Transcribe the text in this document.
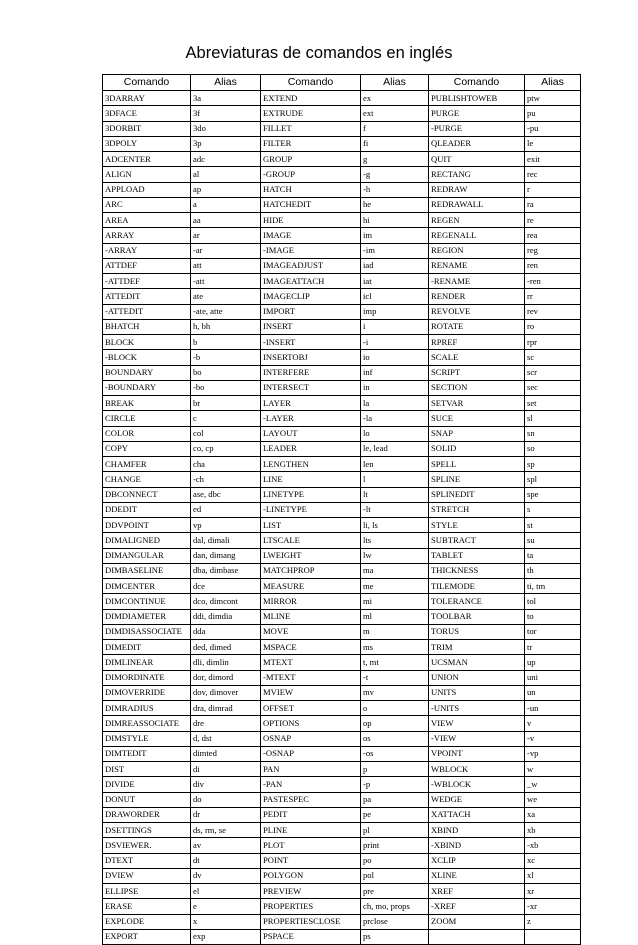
Abreviaturas de comandos en inglés
Comando	Alias	Comando	Alias	Comando	Alias
3DARRAY	3a	EXTEND	ex	PUBLISHTOWEB	ptw
3DFACE	3f	EXTRUDE	ext	PURGE	pu
3DORBIT	3do	FILLET	f	-PURGE	-pu
3DPOLY	3p	FILTER	fi	QLEADER	le
ADCENTER	adc	GROUP	g	QUIT	exit
ALIGN	al	-GROUP	-g	RECTANG	rec
APPLOAD	ap	HATCH	-h	REDRAW	r
ARC	a	HATCHEDIT	he	REDRAWALL	ra
AREA	aa	HIDE	hi	REGEN	re
ARRAY	ar	IMAGE	im	REGENALL	rea
-ARRAY	-ar	-IMAGE	-im	REGION	reg
ATTDEF	att	IMAGEADJUST	iad	RENAME	ren
-ATTDEF	-att	IMAGEATTACH	iat	-RENAME	-ren
ATTEDIT	ate	IMAGECLIP	icl	RENDER	rr
-ATTEDIT	-ate, atte	IMPORT	imp	REVOLVE	rev
BHATCH	h, bh	INSERT	i	ROTATE	ro
BLOCK	b	-INSERT	-i	RPREF	rpr
-BLOCK	-b	INSERTOBJ	io	SCALE	sc
BOUNDARY	bo	INTERFERE	inf	SCRIPT	scr
-BOUNDARY	-bo	INTERSECT	in	SECTION	sec
BREAK	br	LAYER	la	SETVAR	set
CIRCLE	c	-LAYER	-la	SUCE	sl
COLOR	col	LAYOUT	lo	SNAP	sn
COPY	co, cp	LEADER	le, lead	SOLID	so
CHAMFER	cha	LENGTHEN	len	SPELL	sp
CHANGE	-ch	LINE	l	SPLINE	spl
DBCONNECT	ase, dbc	LINETYPE	lt	SPLINEDIT	spe
DDEDIT	ed	-LINETYPE	-lt	STRETCH	s
DDVPOINT	vp	LIST	li, ls	STYLE	st
DIMALIGNED	dal, dimali	LTSCALE	lts	SUBTRACT	su
DIMANGULAR	dan, dimang	LWEIGHT	lw	TABLET	ta
DIMBASELINE	dba, dimbase	MATCHPROP	ma	THICKNESS	th
DIMCENTER	dce	MEASURE	me	TILEMODE	ti, tm
DIMCONTINUE	dco, dimcont	MIRROR	mi	TOLERANCE	tol
DIMDIAMETER	ddi, dimdia	MLINE	ml	TOOLBAR	to
DIMDISASSOCIATE	dda	MOVE	m	TORUS	tor
DIMEDIT	ded, dimed	MSPACE	ms	TRIM	tr
DIMLINEAR	dli, dimlin	MTEXT	t, mt	UCSMAN	up
DIMORDINATE	dor, dimord	-MTEXT	-t	UNION	uni
DIMOVERRIDE	dov, dimover	MVIEW	mv	UNITS	un
DIMRADIUS	dra, dimrad	OFFSET	o	-UNITS	-un
DIMREASSOCIATE	dre	OPTIONS	op	VIEW	v
DIMSTYLE	d, dst	OSNAP	os	-VIEW	-v
DIMTEDIT	dimted	-OSNAP	-os	VPOINT	-vp
DIST	di	PAN	p	WBLOCK	w
DIVIDE	div	-PAN	-p	-WBLOCK	_w
DONUT	do	PASTESPEC	pa	WEDGE	we
DRAWORDER	dr	PEDIT	pe	XATTACH	xa
DSETTINGS	ds, rm, se	PLINE	pl	XBIND	xb
DSVIEWER.	av	PLOT	print	-XBIND	-xb
DTEXT	dt	POINT	po	XCLIP	xc
DVIEW	dv	POLYGON	pol	XLINE	xl
ELLIPSE	el	PREVIEW	pre	XREF	xr
ERASE	e	PROPERTIES	ch, mo, props	-XREF	-xr
EXPLODE	x	PROPERTIESCLOSE	prclose	ZOOM	z
EXPORT	exp	PSPACE	ps		
